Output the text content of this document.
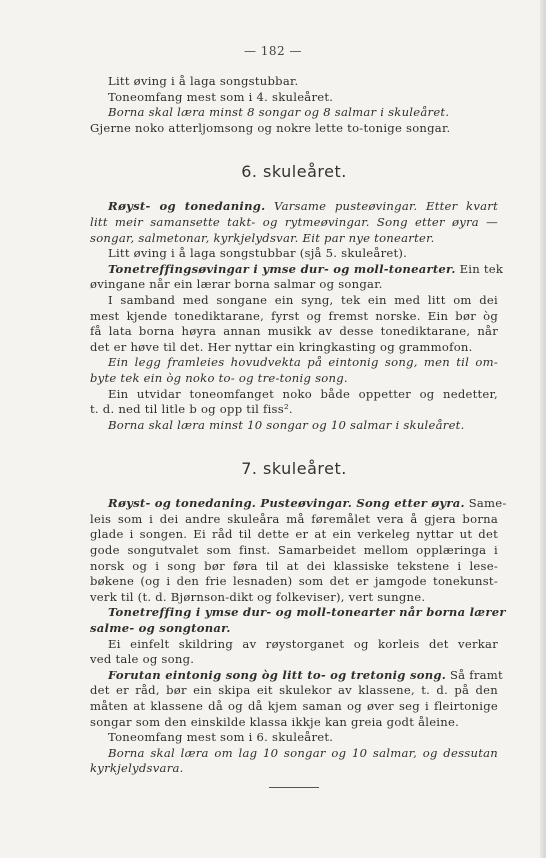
— 182 —
Litt øving i å laga songstubbar.
Toneomfang mest som i 4. skuleåret.
Borna skal læra minst 8 songar og 8 salmar i skuleåret.
Gjerne noko atterljomsong og nokre lette to-tonige songar.
6. skuleåret.
Røyst- og tonedaning. Varsame pusteøvingar. Etter kvart
litt meir samansette takt- og rytmeøvingar. Song etter øyra —
songar, salmetonar, kyrkjelydsvar. Eit par nye tonearter.
Litt øving i å laga songstubbar (sjå 5. skuleåret).
Tonetreffingsøvingar i ymse dur- og moll-tonearter. Ein tek
øvingane når ein lærar borna salmar og songar.
I samband med songane ein syng, tek ein med litt om dei
mest kjende tonediktarane, fyrst og fremst norske. Ein bør òg
få lata borna høyra annan musikk av desse tonediktarane, når
det er høve til det. Her nyttar ein kringkasting og grammofon.
Ein legg framleies hovudvekta på eintonig song, men til om-
byte tek ein òg noko to- og tre-tonig song.
Ein utvidar toneomfanget noko både oppetter og nedetter,
t. d. ned til litle b og opp til fiss².
Borna skal læra minst 10 songar og 10 salmar i skuleåret.
7. skuleåret.
Røyst- og tonedaning. Pusteøvingar. Song etter øyra. Same-
leis som i dei andre skuleåra må føremålet vera å gjera borna
glade i songen. Ei råd til dette er at ein verkeleg nyttar ut det
gode songutvalet som finst. Samarbeidet mellom opplæringa i
norsk og i song bør føra til at dei klassiske tekstene i lese-
bøkene (og i den frie lesnaden) som det er jamgode tonekunst-
verk til (t. d. Bjørnson-dikt og folkeviser), vert sungne.
Tonetreffing i ymse dur- og moll-tonearter når borna lærer
salme- og songtonar.
Ei einfelt skildring av røystorganet og korleis det verkar
ved tale og song.
Forutan eintonig song òg litt to- og tretonig song. Så framt
det er råd, bør ein skipa eit skulekor av klassene, t. d. på den
måten at klassene då og då kjem saman og øver seg i fleirtonige
songar som den einskilde klassa ikkje kan greia godt åleine.
Toneomfang mest som i 6. skuleåret.
Borna skal læra om lag 10 songar og 10 salmar, og dessutan
kyrkjelydsvara.
